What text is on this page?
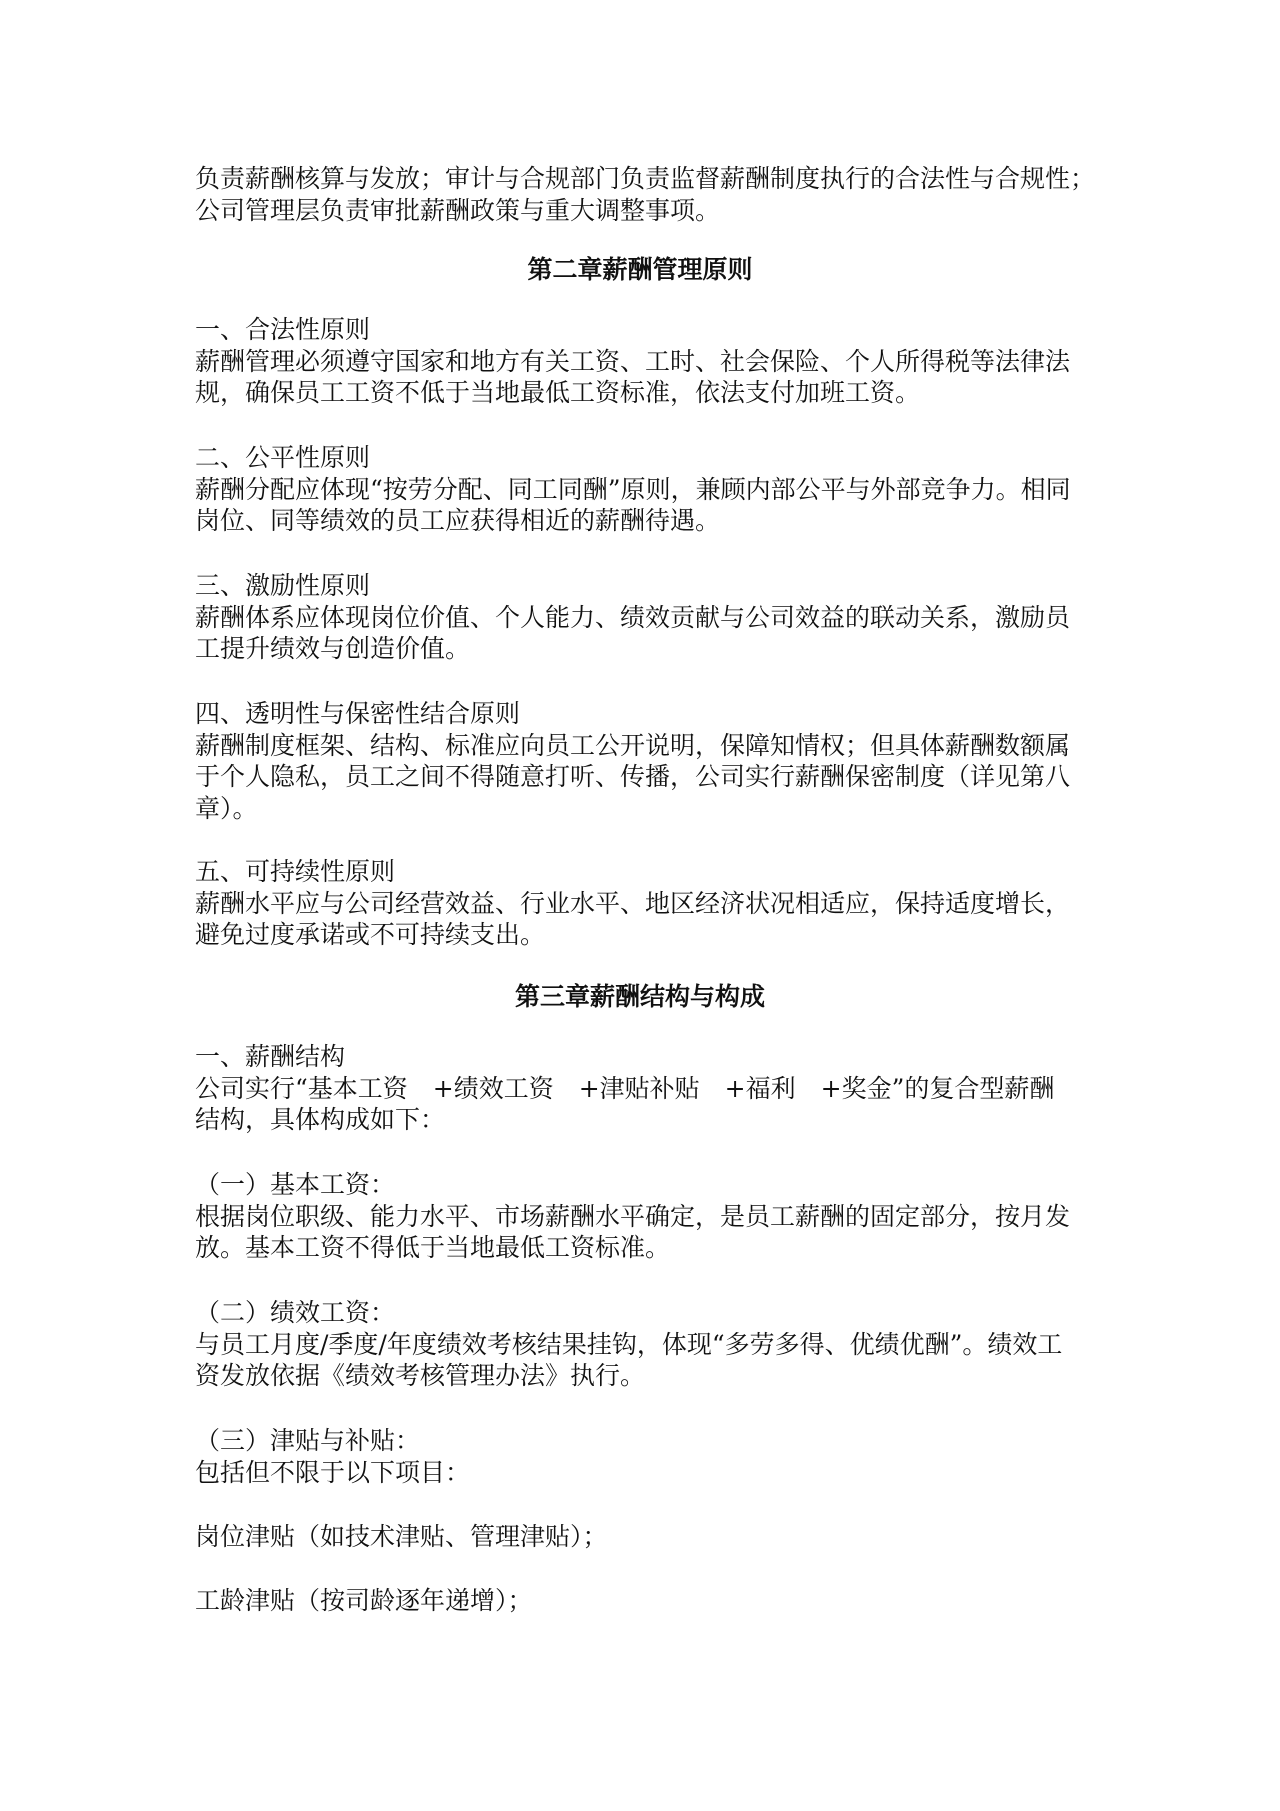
负责薪酬核算与发放；审计与合规部门负责监督薪酬制度执行的合法性与合规性；
公司管理层负责审批薪酬政策与重大调整事项。
第二章薪酬管理原则
一、合法性原则
薪酬管理必须遵守国家和地方有关工资、工时、社会保险、个人所得税等法律法
规，确保员工工资不低于当地最低工资标准，依法支付加班工资。
二、公平性原则
薪酬分配应体现“按劳分配、同工同酬”原则，兼顾内部公平与外部竞争力。相同
岗位、同等绩效的员工应获得相近的薪酬待遇。
三、激励性原则
薪酬体系应体现岗位价值、个人能力、绩效贡献与公司效益的联动关系，激励员
工提升绩效与创造价值。
四、透明性与保密性结合原则
薪酬制度框架、结构、标准应向员工公开说明，保障知情权；但具体薪酬数额属
于个人隐私，员工之间不得随意打听、传播，公司实行薪酬保密制度（详见第八
章）。
五、可持续性原则
薪酬水平应与公司经营效益、行业水平、地区经济状况相适应，保持适度增长，
避免过度承诺或不可持续支出。
第三章薪酬结构与构成
一、薪酬结构
公司实行“基本工资　+绩效工资　+津贴补贴　+福利　+奖金”的复合型薪酬
结构，具体构成如下：
（一）基本工资：
根据岗位职级、能力水平、市场薪酬水平确定，是员工薪酬的固定部分，按月发
放。基本工资不得低于当地最低工资标准。
（二）绩效工资：
与员工月度/季度/年度绩效考核结果挂钩，体现“多劳多得、优绩优酬”。绩效工
资发放依据《绩效考核管理办法》执行。
（三）津贴与补贴：
包括但不限于以下项目：
岗位津贴（如技术津贴、管理津贴）；
工龄津贴（按司龄逐年递增）；
